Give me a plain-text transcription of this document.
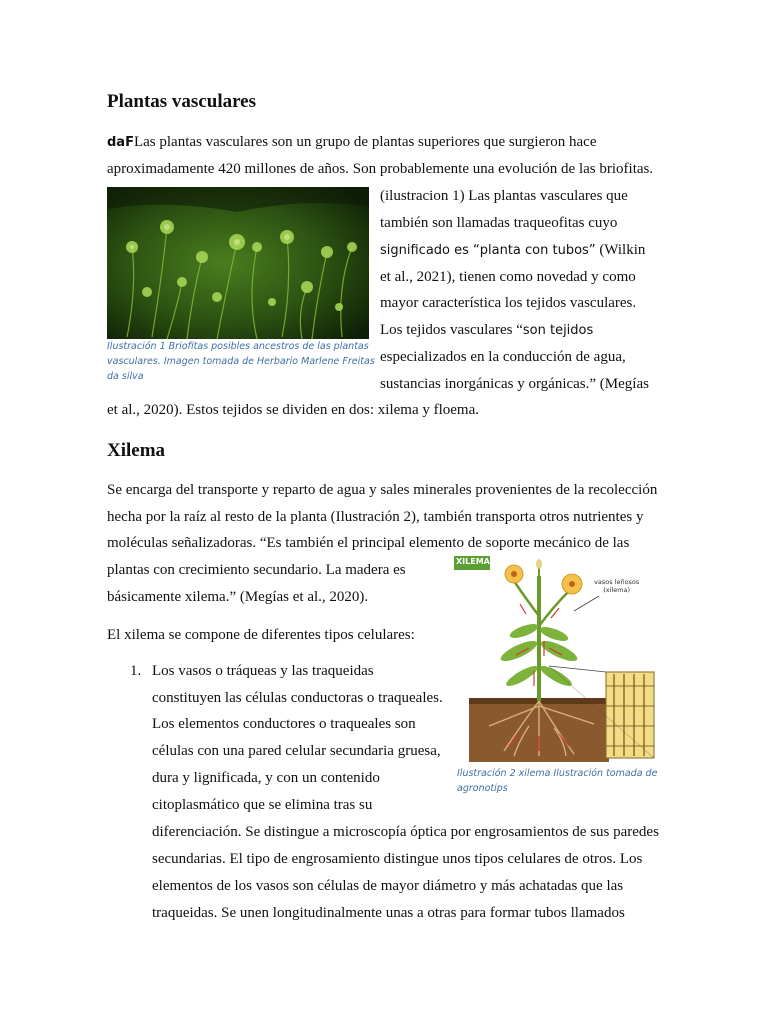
Plantas vasculares
daFLas plantas vasculares son un grupo de plantas superiores que surgieron hace
aproximadamente 420 millones de años. Son probablemente una evolución de las briofitas.
(ilustracion 1) Las plantas vasculares que
también son llamadas traqueofitas cuyo
significado es “planta con tubos” (Wilkin
et al., 2021), tienen como novedad y como
mayor característica los tejidos vasculares.
Los tejidos vasculares “son tejidos
especializados en la conducción de agua,
sustancias inorgánicas y orgánicas.” (Megías
et al., 2020). Estos tejidos se dividen en dos: xilema y floema.
Ilustración 1 Briofitas posibles ancestros de las plantas
vasculares. Imagen tomada de Herbario Marlene Freitas
da silva
Xilema
Se encarga del transporte y reparto de agua y sales minerales provenientes de la recolección
hecha por la raíz al resto de la planta (Ilustración 2), también transporta otros nutrientes y
moléculas señalizadoras. “Es también el principal elemento de soporte mecánico de las
plantas con crecimiento secundario. La madera es
básicamente xilema.” (Megías et al., 2020).
El xilema se compone de diferentes tipos celulares:
1. Los vasos o tráqueas y las traqueidas
constituyen las células conductoras o traqueales.
Los elementos conductores o traqueales son
células con una pared celular secundaria gruesa,
dura y lignificada, y con un contenido
citoplasmático que se elimina tras su
diferenciación. Se distingue a microscopía óptica por engrosamientos de sus paredes
secundarias. El tipo de engrosamiento distingue unos tipos celulares de otros. Los
elementos de los vasos son células de mayor diámetro y más achatadas que las
traqueidas. Se unen longitudinalmente unas a otras para formar tubos llamados
XILEMA
vasos leñosos
(xilema)
Ilustración 2 xilema Ilustración tomada de
agronotips
